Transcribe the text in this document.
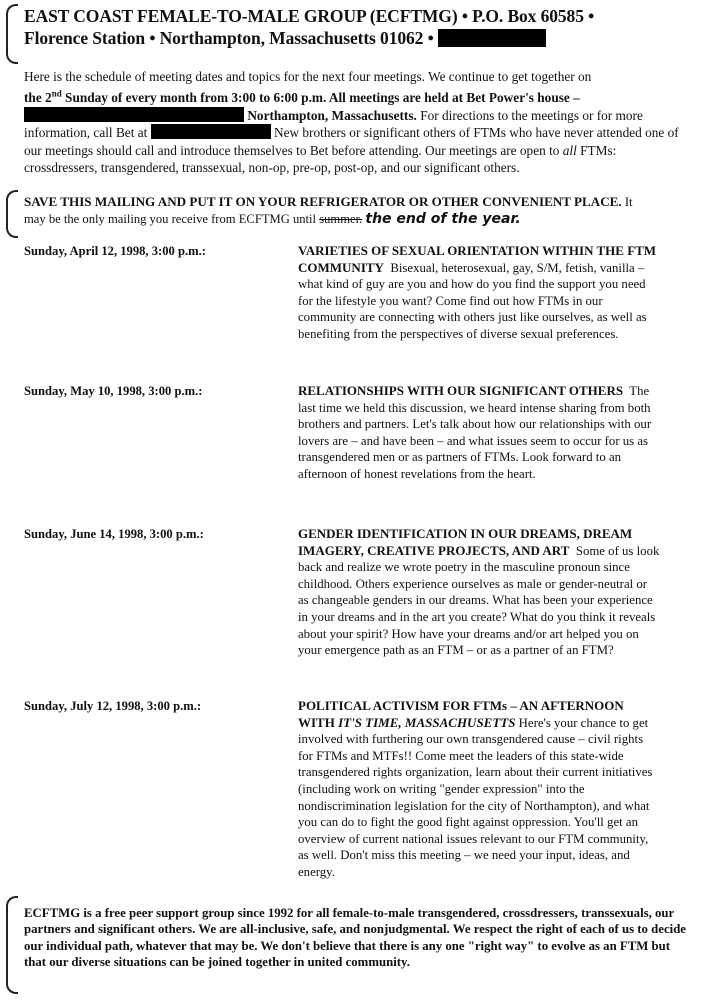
EAST COAST FEMALE-TO-MALE GROUP (ECFTMG) • P.O. Box 60585 •
Florence Station • Northampton, Massachusetts 01062 •
Here is the schedule of meeting dates and topics for the next four meetings. We continue to get together on
the 2nd Sunday of every month from 3:00 to 6:00 p.m. All meetings are held at Bet Power's house –
Northampton, Massachusetts. For directions to the meetings or for more
information, call Bet at	New brothers or significant others of FTMs who have never attended one of our meetings should call and introduce themselves to Bet before attending. Our meetings are open to all FTMs: crossdressers, transgendered, transsexual, non-op, pre-op, post-op, and our significant others.
SAVE THIS MAILING AND PUT IT ON YOUR REFRIGERATOR OR OTHER CONVENIENT PLACE. It
may be the only mailing you receive from ECFTMG until summer. the end of the year.
Sunday, April 12, 1998, 3:00 p.m.:	VARIETIES OF SEXUAL ORIENTATION WITHIN THE FTM COMMUNITY Bisexual, heterosexual, gay, S/M, fetish, vanilla – what kind of guy are you and how do you find the support you need for the lifestyle you want? Come find out how FTMs in our community are connecting with others just like ourselves, as well as benefiting from the perspectives of diverse sexual preferences.
Sunday, May 10, 1998, 3:00 p.m.:	RELATIONSHIPS WITH OUR SIGNIFICANT OTHERS The last time we held this discussion, we heard intense sharing from both brothers and partners. Let's talk about how our relationships with our lovers are – and have been – and what issues seem to occur for us as transgendered men or as partners of FTMs. Look forward to an afternoon of honest revelations from the heart.
Sunday, June 14, 1998, 3:00 p.m.:	GENDER IDENTIFICATION IN OUR DREAMS, DREAM IMAGERY, CREATIVE PROJECTS, AND ART Some of us look back and realize we wrote poetry in the masculine pronoun since childhood. Others experience ourselves as male or gender-neutral or as changeable genders in our dreams. What has been your experience in your dreams and in the art you create? What do you think it reveals about your spirit? How have your dreams and/or art helped you on your emergence path as an FTM – or as a partner of an FTM?
Sunday, July 12, 1998, 3:00 p.m.:	POLITICAL ACTIVISM FOR FTMs – AN AFTERNOON WITH IT'S TIME, MASSACHUSETTS Here's your chance to get involved with furthering our own transgendered cause – civil rights for FTMs and MTFs!! Come meet the leaders of this state-wide transgendered rights organization, learn about their current initiatives (including work on writing "gender expression" into the nondiscrimination legislation for the city of Northampton), and what you can do to fight the good fight against oppression. You'll get an overview of current national issues relevant to our FTM community, as well. Don't miss this meeting – we need your input, ideas, and energy.
ECFTMG is a free peer support group since 1992 for all female-to-male transgendered, crossdressers, transsexuals, our partners and significant others. We are all-inclusive, safe, and nonjudgmental. We respect the right of each of us to decide our individual path, whatever that may be. We don't believe that there is any one "right way" to evolve as an FTM but that our diverse situations can be joined together in united community.
